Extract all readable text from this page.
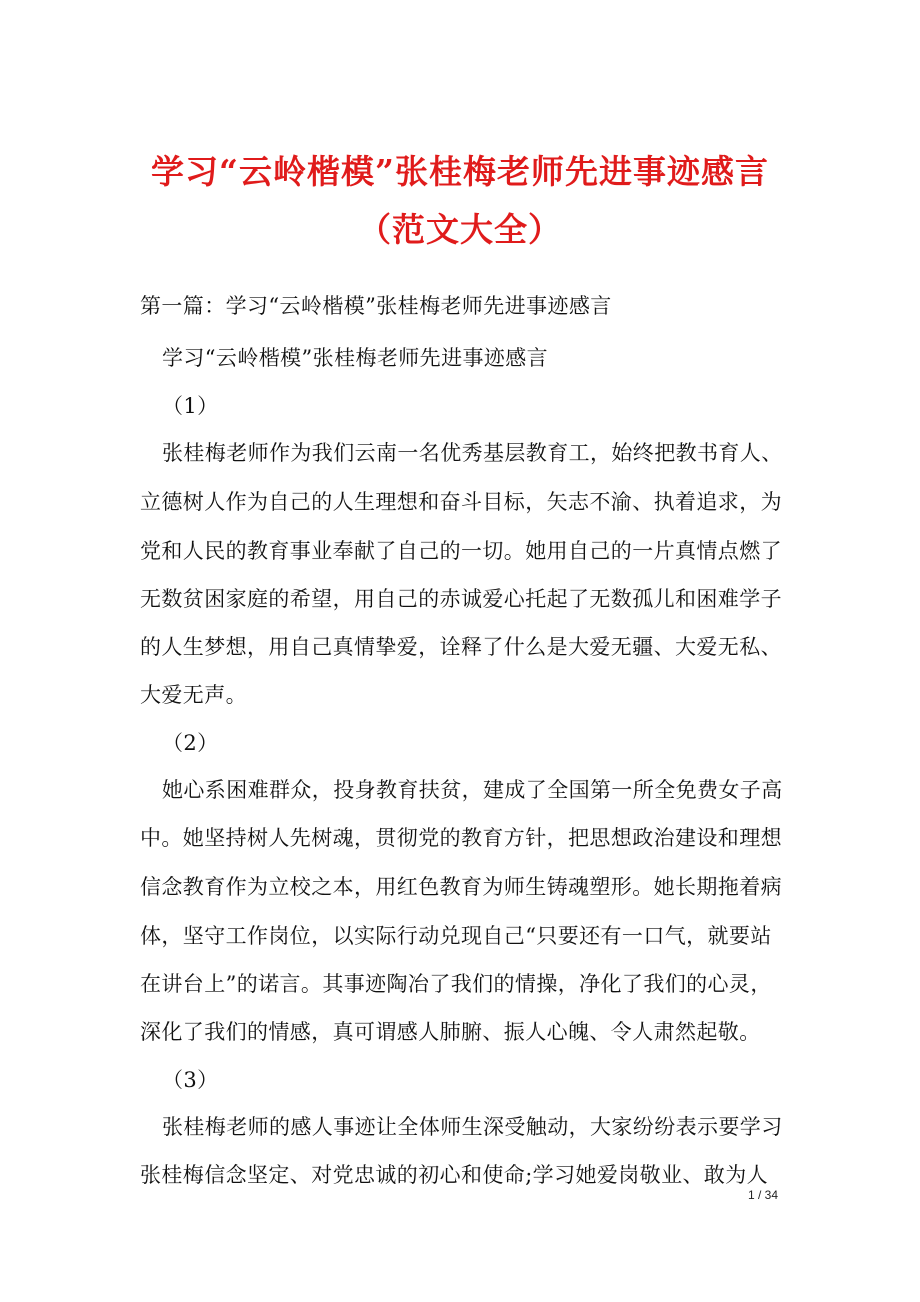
学习“云岭楷模”张桂梅老师先进事迹感言
（范文大全）
第一篇：学习“云岭楷模”张桂梅老师先进事迹感言
学习“云岭楷模”张桂梅老师先进事迹感言
（1）
张桂梅老师作为我们云南一名优秀基层教育工，始终把教书育人、
立德树人作为自己的人生理想和奋斗目标，矢志不渝、执着追求，为
党和人民的教育事业奉献了自己的一切。她用自己的一片真情点燃了
无数贫困家庭的希望，用自己的赤诚爱心托起了无数孤儿和困难学子
的人生梦想，用自己真情挚爱，诠释了什么是大爱无疆、大爱无私、
大爱无声。
（2）
她心系困难群众，投身教育扶贫，建成了全国第一所全免费女子高
中。她坚持树人先树魂，贯彻党的教育方针，把思想政治建设和理想
信念教育作为立校之本，用红色教育为师生铸魂塑形。她长期拖着病
体，坚守工作岗位，以实际行动兑现自己“只要还有一口气，就要站
在讲台上”的诺言。其事迹陶冶了我们的情操，净化了我们的心灵，
深化了我们的情感，真可谓感人肺腑、振人心魄、令人肃然起敬。
（3）
张桂梅老师的感人事迹让全体师生深受触动，大家纷纷表示要学习
张桂梅信念坚定、对党忠诚的初心和使命;学习她爱岗敬业、敢为人
1 / 34
